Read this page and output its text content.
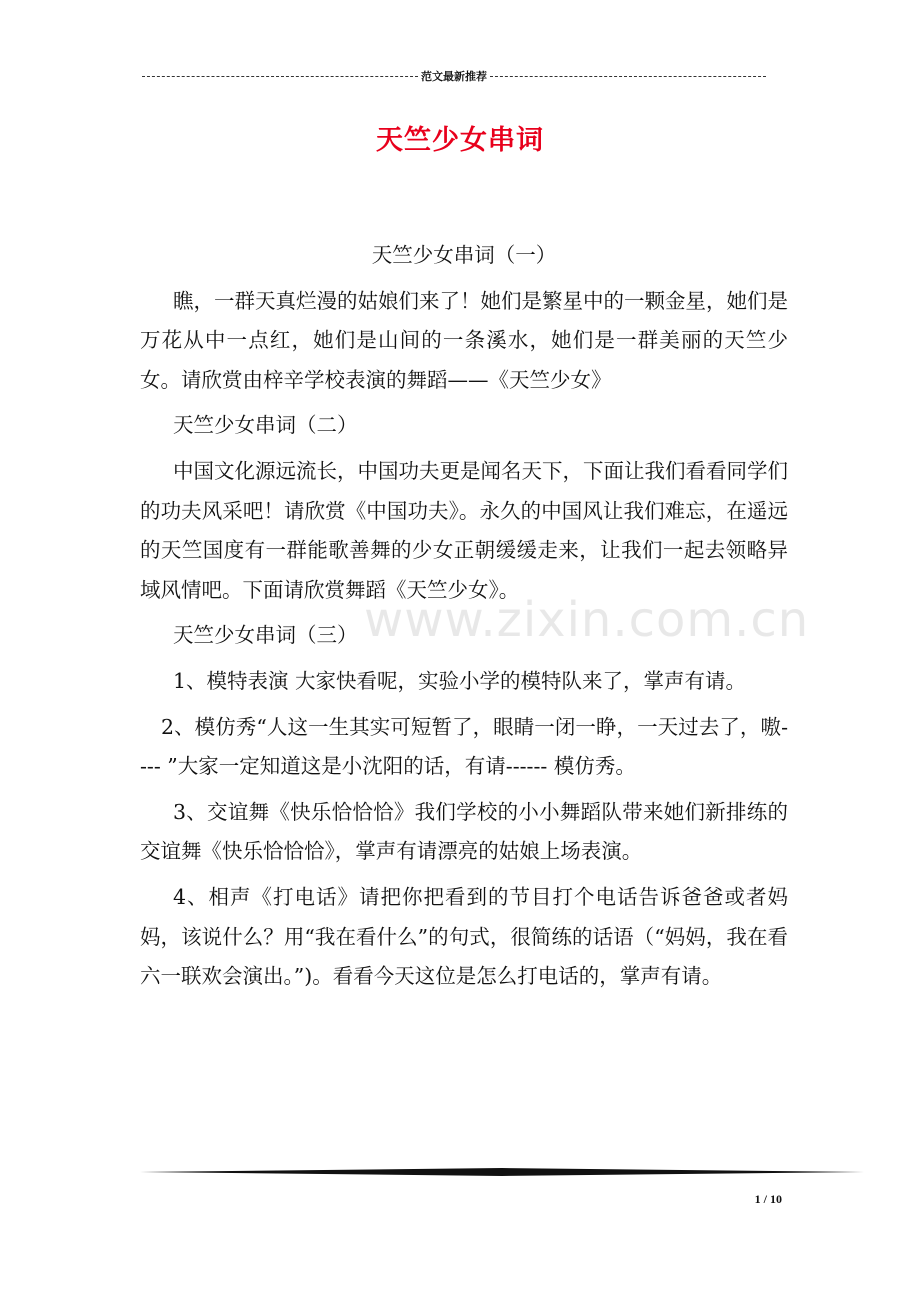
范文最新推荐
天竺少女串词

天竺少女串词（一）

瞧，一群天真烂漫的姑娘们来了！她们是繁星中的一颗金星，她们是万花从中一点红，她们是山间的一条溪水，她们是一群美丽的天竺少女。请欣赏由梓辛学校表演的舞蹈——《天竺少女》

天竺少女串词（二）

中国文化源远流长，中国功夫更是闻名天下，下面让我们看看同学们的功夫风采吧！请欣赏《中国功夫》。永久的中国风让我们难忘，在遥远的天竺国度有一群能歌善舞的少女正朝缓缓走来，让我们一起去领略异域风情吧。下面请欣赏舞蹈《天竺少女》。

天竺少女串词（三）

1、模特表演 大家快看呢，实验小学的模特队来了，掌声有请。

2、模仿秀“人这一生其实可短暂了，眼睛一闭一睁，一天过去了，嗷---- ”大家一定知道这是小沈阳的话，有请------ 模仿秀。

3、交谊舞《快乐恰恰恰》我们学校的小小舞蹈队带来她们新排练的交谊舞《快乐恰恰恰》，掌声有请漂亮的姑娘上场表演。

4、相声《打电话》请把你把看到的节目打个电话告诉爸爸或者妈妈，该说什么？用“我在看什么”的句式，很简练的话语（“妈妈，我在看六一联欢会演出。”)。看看今天这位是怎么打电话的，掌声有请。

www.zixin.com.cn
1 / 10
